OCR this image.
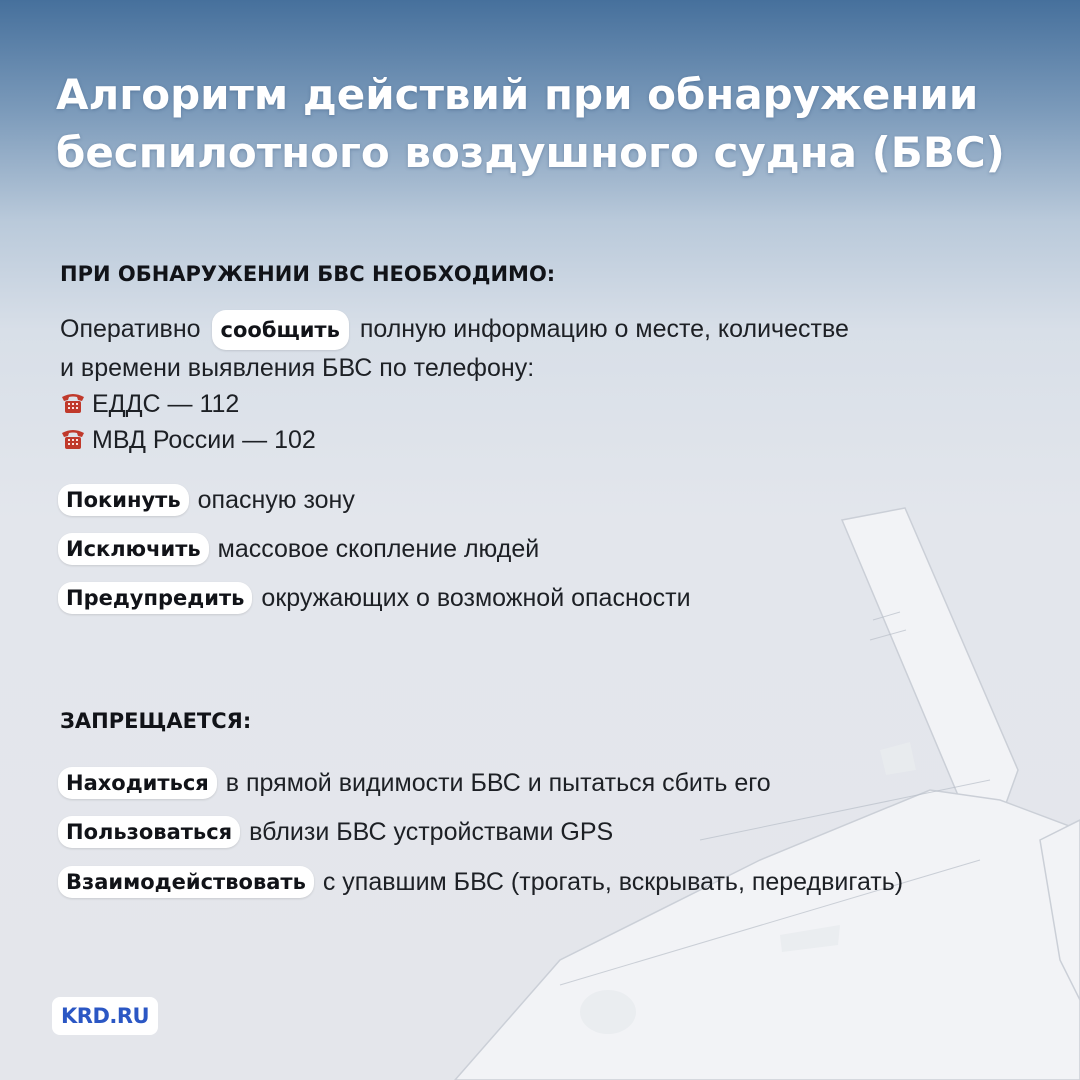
Алгоритм действий при обнаружении
беспилотного воздушного судна (БВС)
ПРИ ОБНАРУЖЕНИИ БВС НЕОБХОДИМО:
Оперативно сообщить полную информацию о месте, количестве
и времени выявления БВС по телефону:
ЕДДС — 112
МВД России — 102
Покинуть опасную зону
Исключить массовое скопление людей
Предупредить окружающих о возможной опасности
ЗАПРЕЩАЕТСЯ:
Находиться в прямой видимости БВС и пытаться сбить его
Пользоваться вблизи БВС устройствами GPS
Взаимодействовать с упавшим БВС (трогать, вскрывать, передвигать)
KRD.RU
